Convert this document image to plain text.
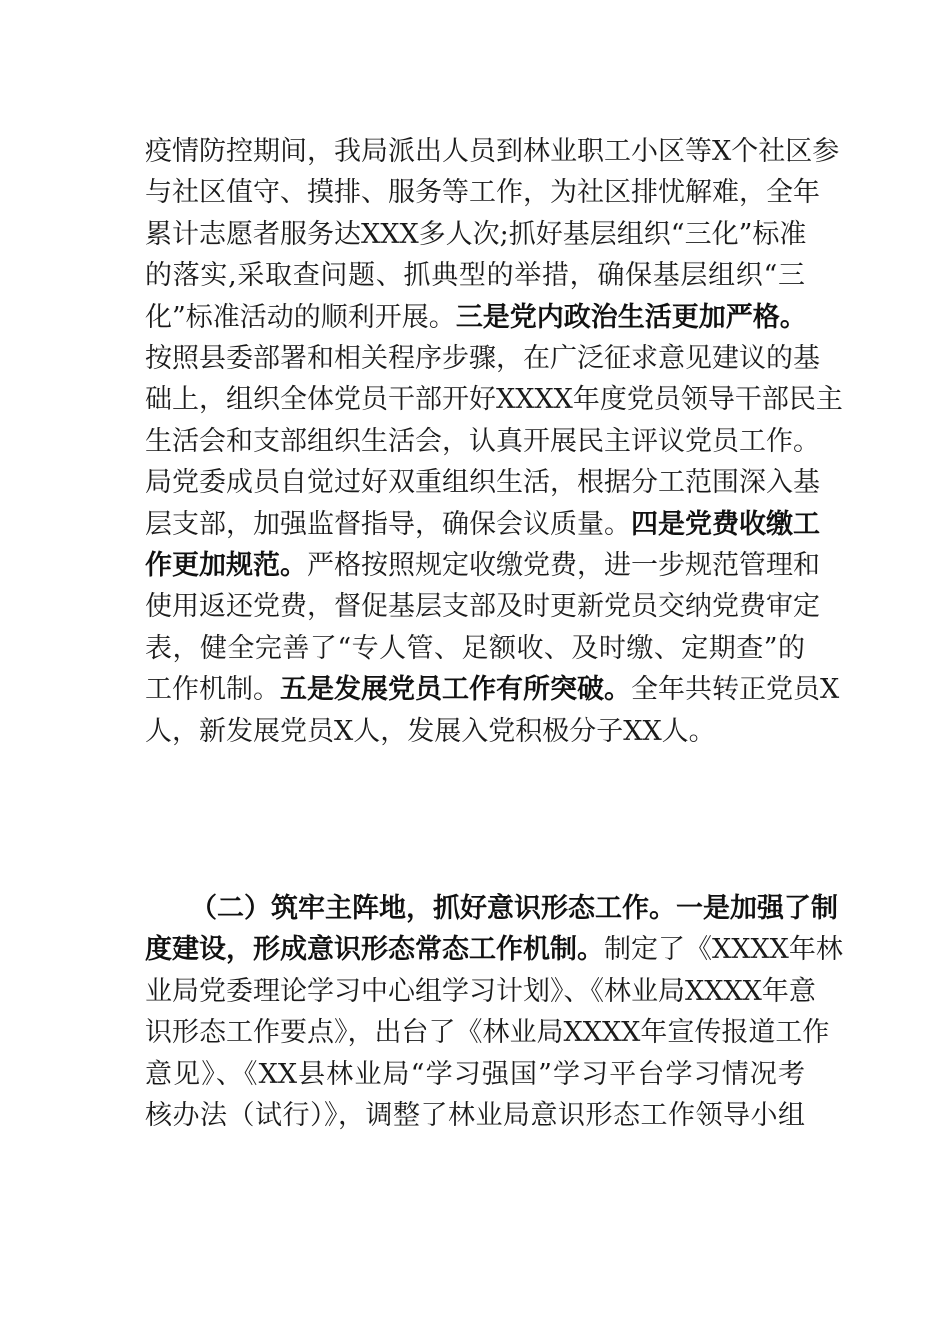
疫情防控期间，我局派出人员到林业职工小区等X个社区参
与社区值守、摸排、服务等工作，为社区排忧解难，全年
累计志愿者服务达XXX多人次;抓好基层组织“三化”标准
的落实,采取查问题、抓典型的举措，确保基层组织“三
化”标准活动的顺利开展。三是党内政治生活更加严格。
按照县委部署和相关程序步骤，在广泛征求意见建议的基
础上，组织全体党员干部开好XXXX年度党员领导干部民主
生活会和支部组织生活会，认真开展民主评议党员工作。
局党委成员自觉过好双重组织生活，根据分工范围深入基
层支部，加强监督指导，确保会议质量。四是党费收缴工
作更加规范。严格按照规定收缴党费，进一步规范管理和
使用返还党费，督促基层支部及时更新党员交纳党费审定
表，健全完善了“专人管、足额收、及时缴、定期查”的
工作机制。五是发展党员工作有所突破。全年共转正党员X
人，新发展党员X人，发展入党积极分子XX人。
（二）筑牢主阵地，抓好意识形态工作。一是加强了制
度建设，形成意识形态常态工作机制。制定了《XXXX年林
业局党委理论学习中心组学习计划》、《林业局XXXX年意
识形态工作要点》，出台了《林业局XXXX年宣传报道工作
意见》、《XX县林业局“学习强国”学习平台学习情况考
核办法（试行）》，调整了林业局意识形态工作领导小组
